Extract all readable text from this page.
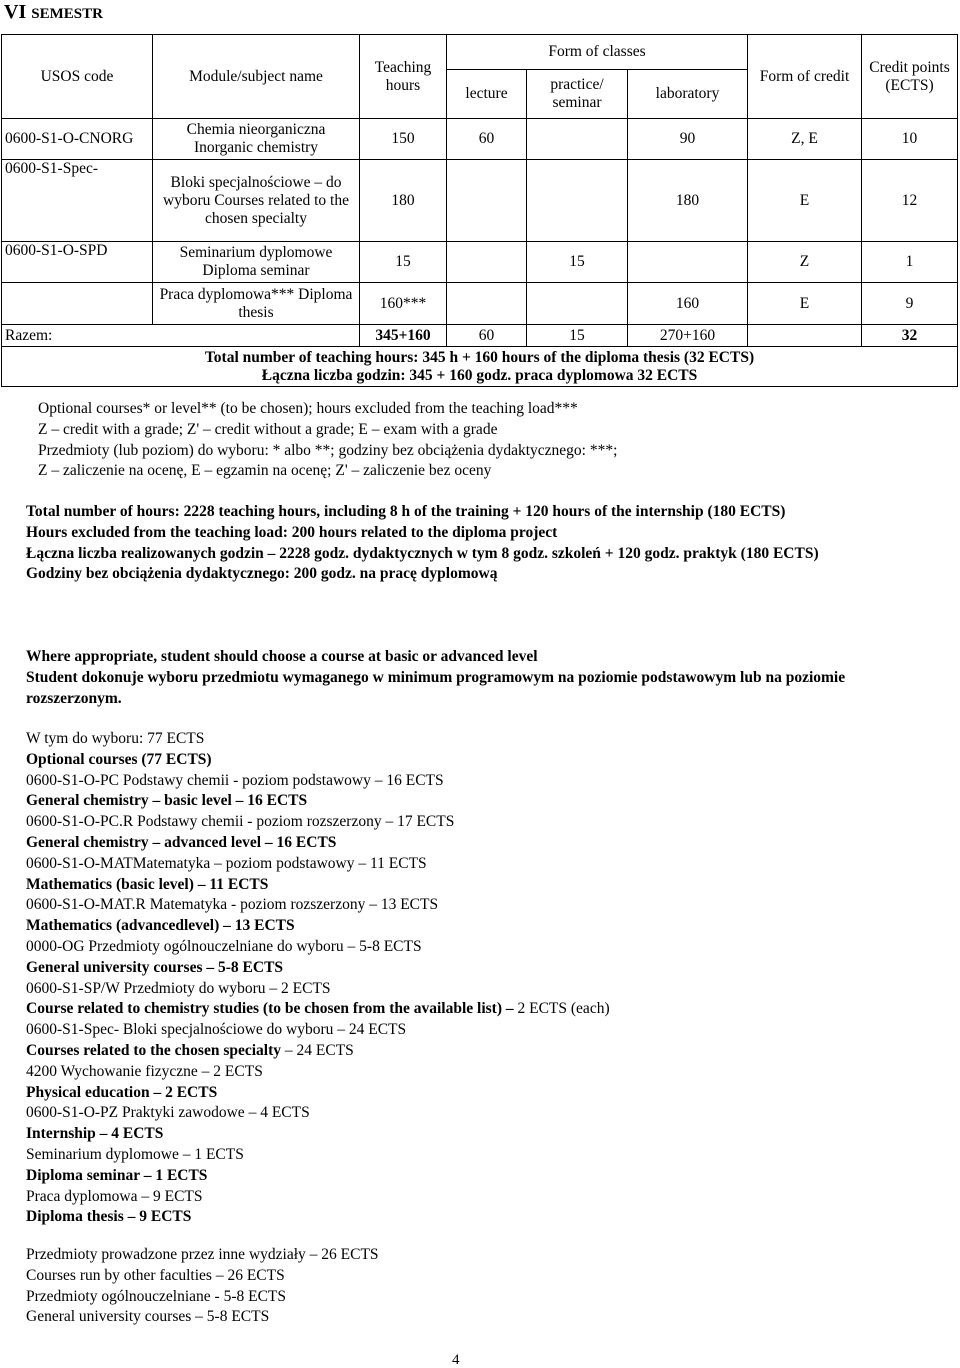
VI SEMESTR
USOS code	Module/subject name	Teaching hours	Form of classes			Form of credit	Credit points (ECTS)
			lecture	practice/ seminar	laboratory		
0600-S1-O-CNORG	Chemia nieorganiczna Inorganic chemistry	150	60		90	Z, E	10
0600-S1-Spec-	Bloki specjalnościowe – do wyboru Courses related to the chosen specialty	180			180	E	12
0600-S1-O-SPD	Seminarium dyplomowe Diploma seminar	15		15		Z	1
	Praca dyplomowa*** Diploma thesis	160***			160	E	9
Razem:		345+160	60	15	270+160		32

Total number of teaching hours: 345 h + 160 hours of the diploma thesis (32 ECTS)
Łączna liczba godzin: 345 + 160 godz. praca dyplomowa 32 ECTS							
Optional courses* or level** (to be chosen); hours excluded from the teaching load***
Z – credit with a grade; Z' – credit without a grade; E – exam with a grade
Przedmioty (lub poziom) do wyboru: * albo **; godziny bez obciążenia dydaktycznego: ***;
Z – zaliczenie na ocenę, E – egzamin na ocenę; Z' – zaliczenie bez oceny
Total number of hours: 2228 teaching hours, including 8 h of the training + 120 hours of the internship (180 ECTS)
Hours excluded from the teaching load: 200 hours related to the diploma project
Łączna liczba realizowanych godzin – 2228 godz. dydaktycznych w tym 8 godz. szkoleń + 120 godz. praktyk (180 ECTS)
Godziny bez obciążenia dydaktycznego: 200 godz. na pracę dyplomową
Where appropriate, student should choose a course at basic or advanced level
Student dokonuje wyboru przedmiotu wymaganego w minimum programowym na poziomie podstawowym lub na poziomie rozszerzonym.
W tym do wyboru: 77 ECTS
Optional courses (77 ECTS)
0600-S1-O-PC Podstawy chemii - poziom podstawowy – 16 ECTS
General chemistry – basic level – 16 ECTS
0600-S1-O-PC.R Podstawy chemii - poziom rozszerzony – 17 ECTS
General chemistry – advanced level – 16 ECTS
0600-S1-O-MATMatematyka – poziom podstawowy – 11 ECTS
Mathematics (basic level) – 11 ECTS
0600-S1-O-MAT.R Matematyka - poziom rozszerzony – 13 ECTS
Mathematics (advancedlevel) – 13 ECTS
0000-OG Przedmioty ogólnouczelniane do wyboru – 5-8 ECTS
General university courses – 5-8 ECTS
0600-S1-SP/W Przedmioty do wyboru – 2 ECTS
Course related to chemistry studies (to be chosen from the available list) – 2 ECTS (each)
0600-S1-Spec- Bloki specjalnościowe do wyboru – 24 ECTS
Courses related to the chosen specialty – 24 ECTS
4200 Wychowanie fizyczne – 2 ECTS
Physical education – 2 ECTS
0600-S1-O-PZ Praktyki zawodowe – 4 ECTS
Internship – 4 ECTS
Seminarium dyplomowe – 1 ECTS
Diploma seminar – 1 ECTS
Praca dyplomowa – 9 ECTS
Diploma thesis – 9 ECTS
Przedmioty prowadzone przez inne wydziały – 26 ECTS
Courses run by other faculties – 26 ECTS
Przedmioty ogólnouczelniane - 5-8 ECTS
General university courses – 5-8 ECTS
4
